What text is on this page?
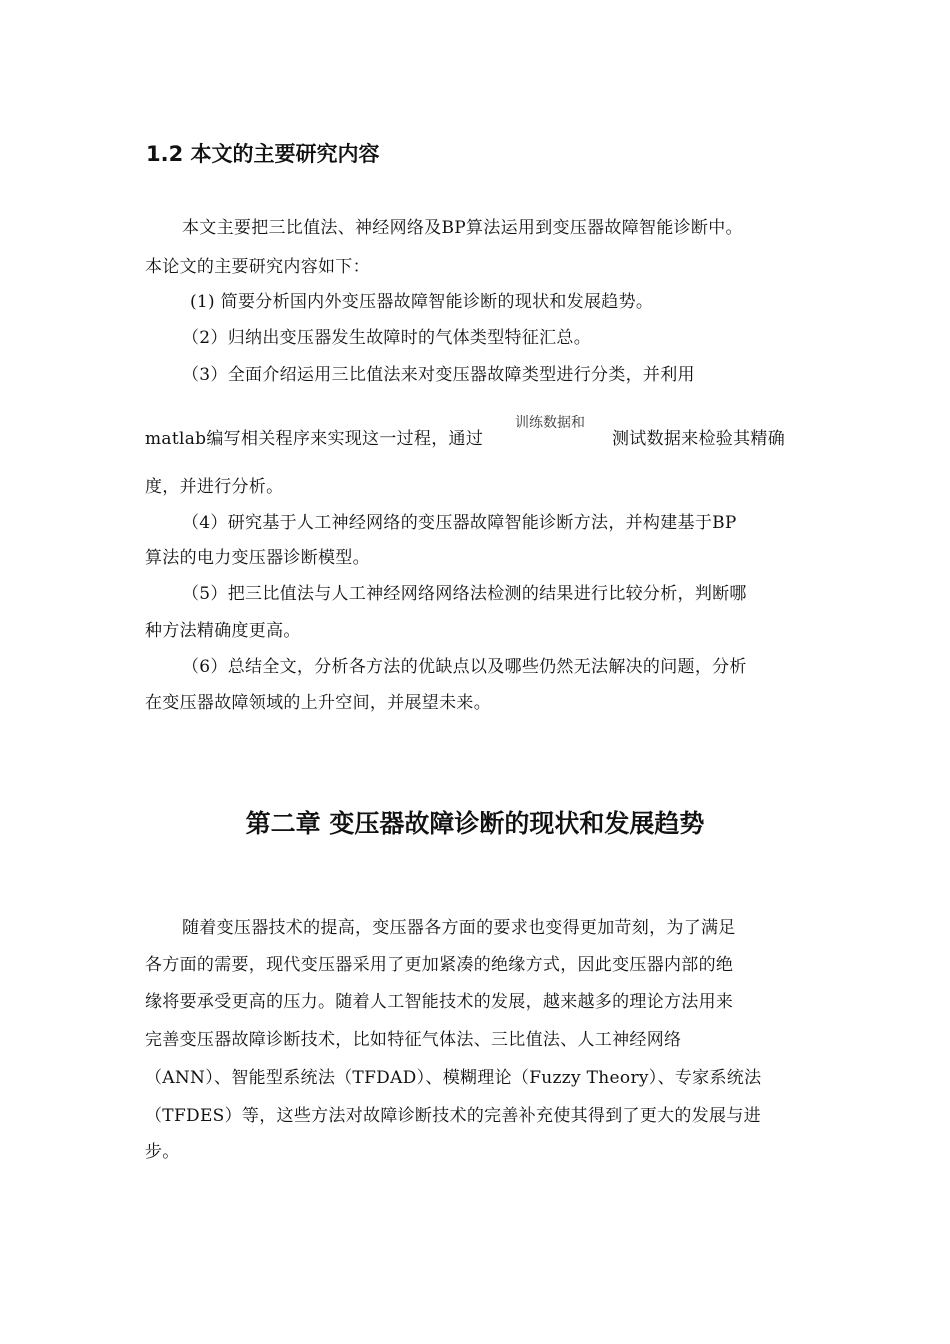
1.2 本文的主要研究内容
本文主要把三比值法、神经网络及BP算法运用到变压器故障智能诊断中。
本论文的主要研究内容如下：
(1) 简要分析国内外变压器故障智能诊断的现状和发展趋势。
（2）归纳出变压器发生故障时的气体类型特征汇总。
（3）全面介绍运用三比值法来对变压器故障类型进行分类，并利用
matlab编写相关程序来实现这一过程，通过
训练数据和
测试数据来检验其精确
度，并进行分析。
（4）研究基于人工神经网络的变压器故障智能诊断方法，并构建基于BP
算法的电力变压器诊断模型。
（5）把三比值法与人工神经网络网络法检测的结果进行比较分析，判断哪
种方法精确度更高。
（6）总结全文，分析各方法的优缺点以及哪些仍然无法解决的问题，分析
在变压器故障领域的上升空间，并展望未来。
第二章 变压器故障诊断的现状和发展趋势
随着变压器技术的提高，变压器各方面的要求也变得更加苛刻，为了满足
各方面的需要，现代变压器采用了更加紧凑的绝缘方式，因此变压器内部的绝
缘将要承受更高的压力。随着人工智能技术的发展，越来越多的理论方法用来
完善变压器故障诊断技术，比如特征气体法、三比值法、人工神经网络
（ANN）、智能型系统法（TFDAD）、模糊理论（Fuzzy Theory）、专家系统法
（TFDES）等，这些方法对故障诊断技术的完善补充使其得到了更大的发展与进
步。
